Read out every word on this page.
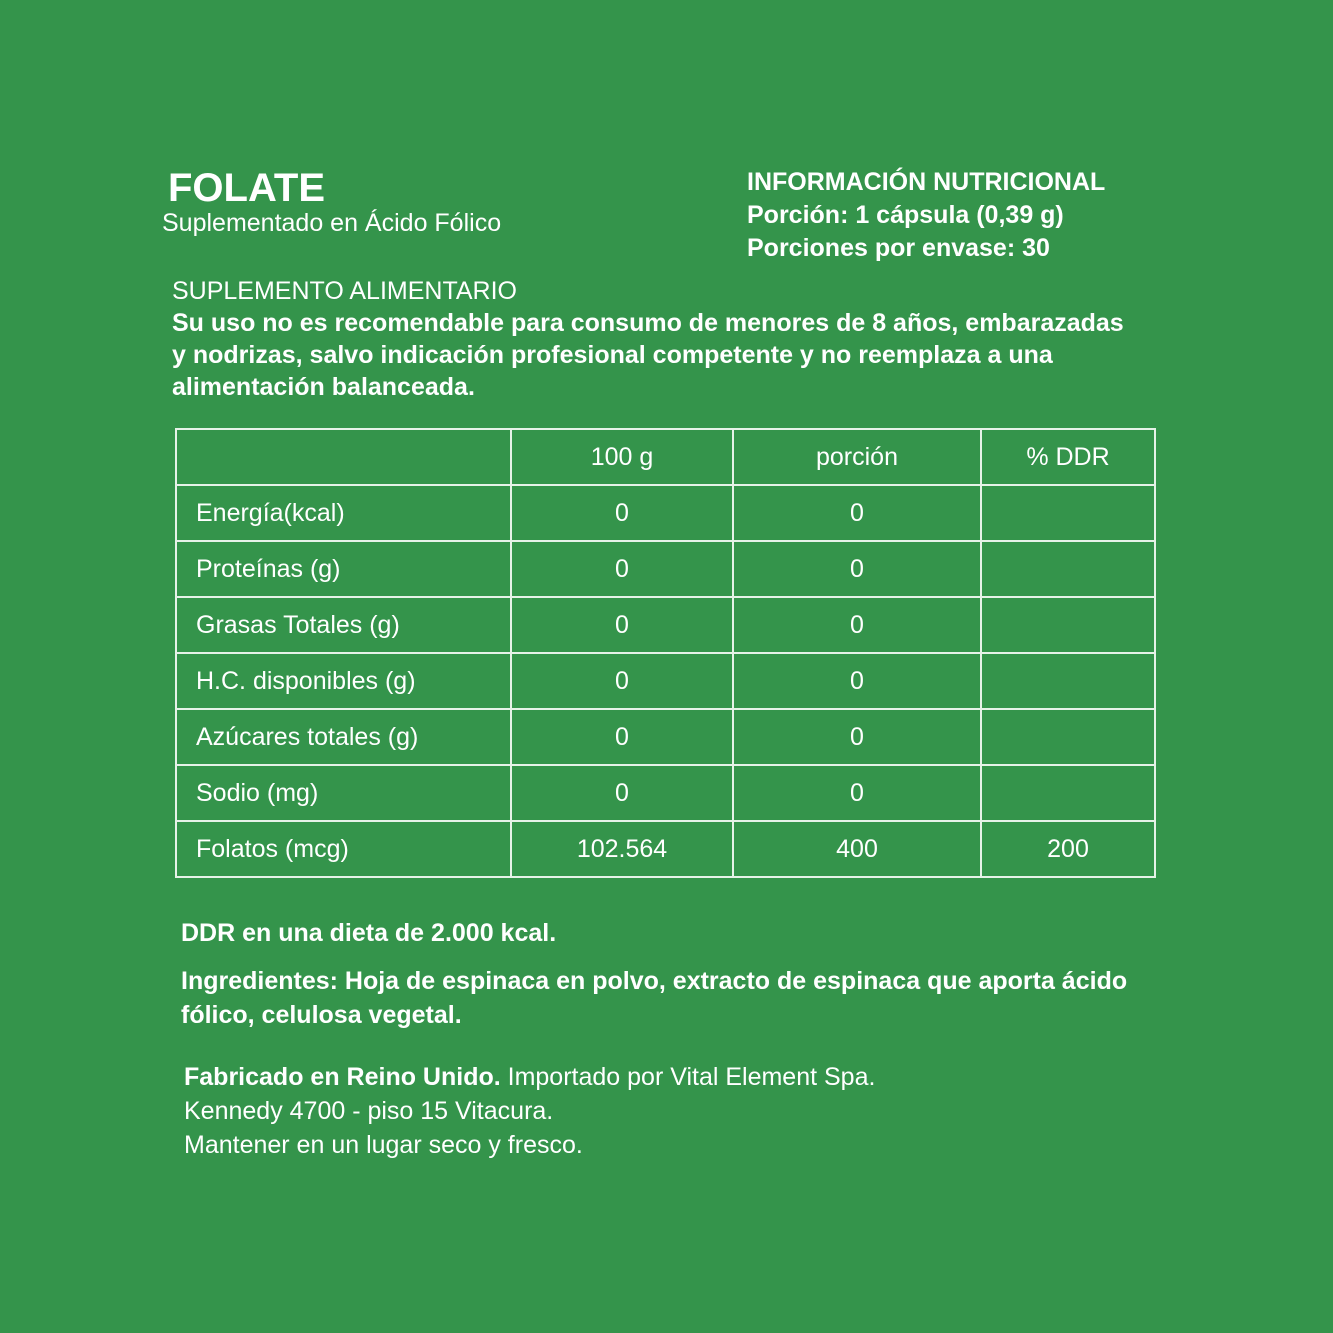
FOLATE
Suplementado en Ácido Fólico
INFORMACIÓN NUTRICIONAL
Porción: 1 cápsula (0,39 g)
Porciones por envase: 30
SUPLEMENTO ALIMENTARIO
Su uso no es recomendable para consumo de menores de 8 años, embarazadas
y nodrizas, salvo indicación profesional competente y no reemplaza a una
alimentación balanceada.
	100 g	porción	% DDR
Energía(kcal)	0	0	
Proteínas (g)	0	0	
Grasas Totales (g)	0	0	
H.C. disponibles (g)	0	0	
Azúcares totales (g)	0	0	
Sodio (mg)	0	0	
Folatos (mcg)	102.564	400	200
DDR en una dieta de 2.000 kcal.
Ingredientes: Hoja de espinaca en polvo, extracto de espinaca que aporta ácido fólico, celulosa vegetal.
Fabricado en Reino Unido. Importado por Vital Element Spa.
Kennedy 4700 - piso 15 Vitacura.
Mantener en un lugar seco y fresco.
